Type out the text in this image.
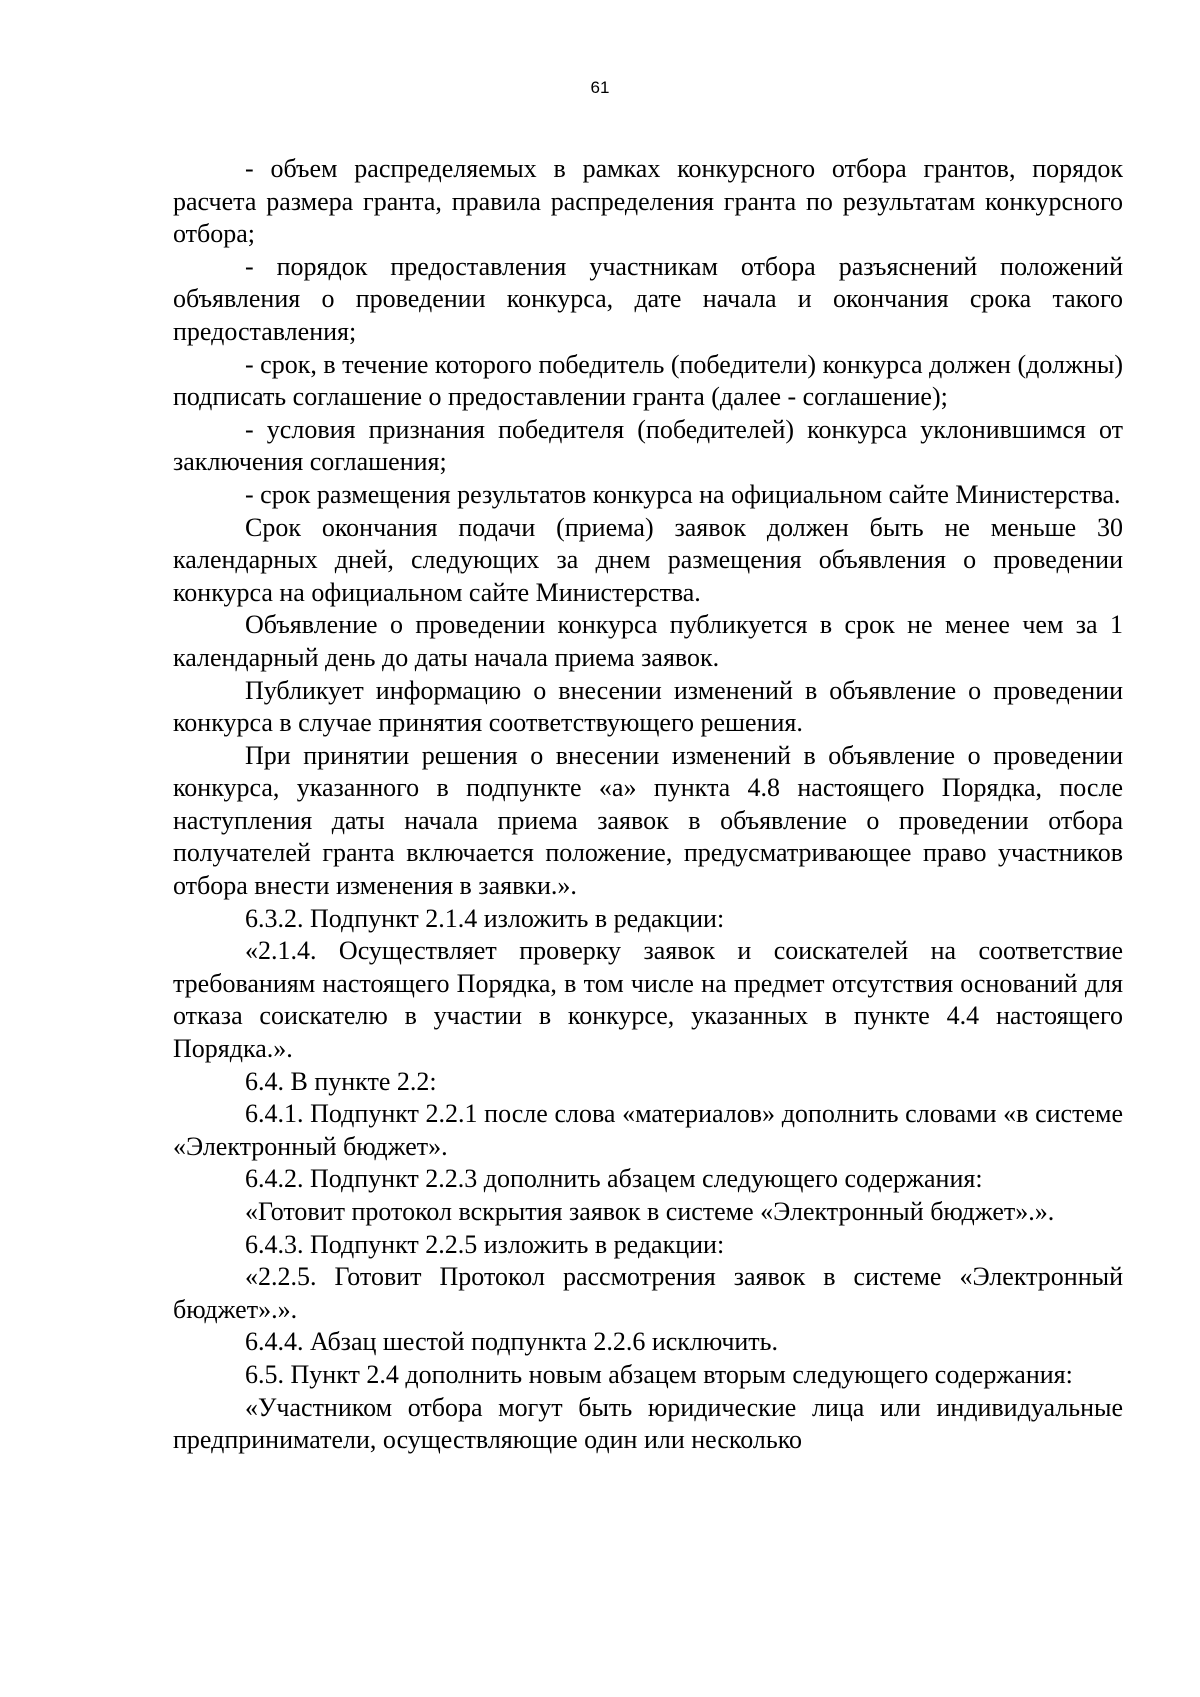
61

- объем распределяемых в рамках конкурсного отбора грантов, порядок расчета размера гранта, правила распределения гранта по результатам конкурсного отбора;

- порядок предоставления участникам отбора разъяснений положений объявления о проведении конкурса, дате начала и окончания срока такого предоставления;

- срок, в течение которого победитель (победители) конкурса должен (должны) подписать соглашение о предоставлении гранта (далее - соглашение);

- условия признания победителя (победителей) конкурса уклонившимся от заключения соглашения;

- срок размещения результатов конкурса на официальном сайте Министерства.

Срок окончания подачи (приема) заявок должен быть не меньше 30 календарных дней, следующих за днем размещения объявления о проведении конкурса на официальном сайте Министерства.

Объявление о проведении конкурса публикуется в срок не менее чем за 1 календарный день до даты начала приема заявок.

Публикует информацию о внесении изменений в объявление о проведении конкурса в случае принятия соответствующего решения.

При принятии решения о внесении изменений в объявление о проведении конкурса, указанного в подпункте «а» пункта 4.8 настоящего Порядка, после наступления даты начала приема заявок в объявление о проведении отбора получателей гранта включается положение, предусматривающее право участников отбора внести изменения в заявки.».

6.3.2. Подпункт 2.1.4 изложить в редакции:

«2.1.4. Осуществляет проверку заявок и соискателей на соответствие требованиям настоящего Порядка, в том числе на предмет отсутствия оснований для отказа соискателю в участии в конкурсе, указанных в пункте 4.4 настоящего Порядка.».

6.4. В пункте 2.2:

6.4.1. Подпункт 2.2.1 после слова «материалов» дополнить словами «в системе «Электронный бюджет».

6.4.2. Подпункт 2.2.3 дополнить абзацем следующего содержания:

«Готовит протокол вскрытия заявок в системе «Электронный бюджет».».

6.4.3. Подпункт 2.2.5 изложить в редакции:

«2.2.5. Готовит Протокол рассмотрения заявок в системе «Электронный бюджет».».

6.4.4. Абзац шестой подпункта 2.2.6 исключить.

6.5. Пункт 2.4 дополнить новым абзацем вторым следующего содержания:

«Участником отбора могут быть юридические лица или индивидуальные предприниматели, осуществляющие один или несколько
